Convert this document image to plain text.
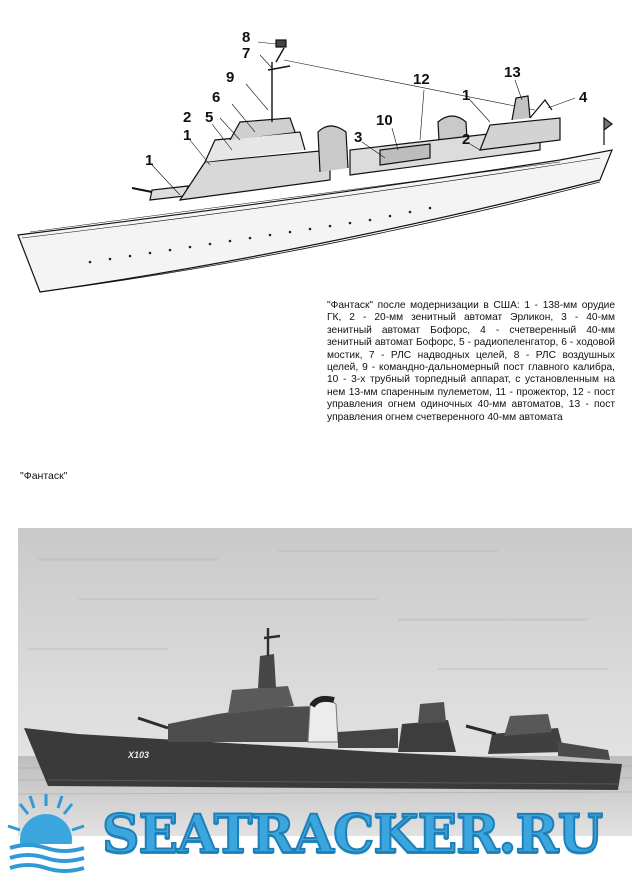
8
7
9
6
2 5
1
1
12	13
1	4
3
10
2
"Фантаск" после модернизации в США: 1 - 138-мм орудие ГК, 2 - 20-мм зенитный автомат Эрликон, 3 - 40-мм зенитный автомат Бофорс, 4 - счетверенный 40-мм зенитный автомат Бофорс, 5 - радиопеленгатор, 6 - ходовой мостик, 7 - РЛС надводных целей, 8 - РЛС воздушных целей, 9 - командно-дальномерный пост главного калибра, 10 - 3-х трубный торпедный аппарат, с установленным на нем 13-мм спаренным пулеметом, 11 - прожектор, 12 - пост управления огнем одиночных 40-мм автоматов, 13 - пост управления огнем счетверенного 40-мм автомата
"Фантаск"
X103
SEATRACKER.RU
